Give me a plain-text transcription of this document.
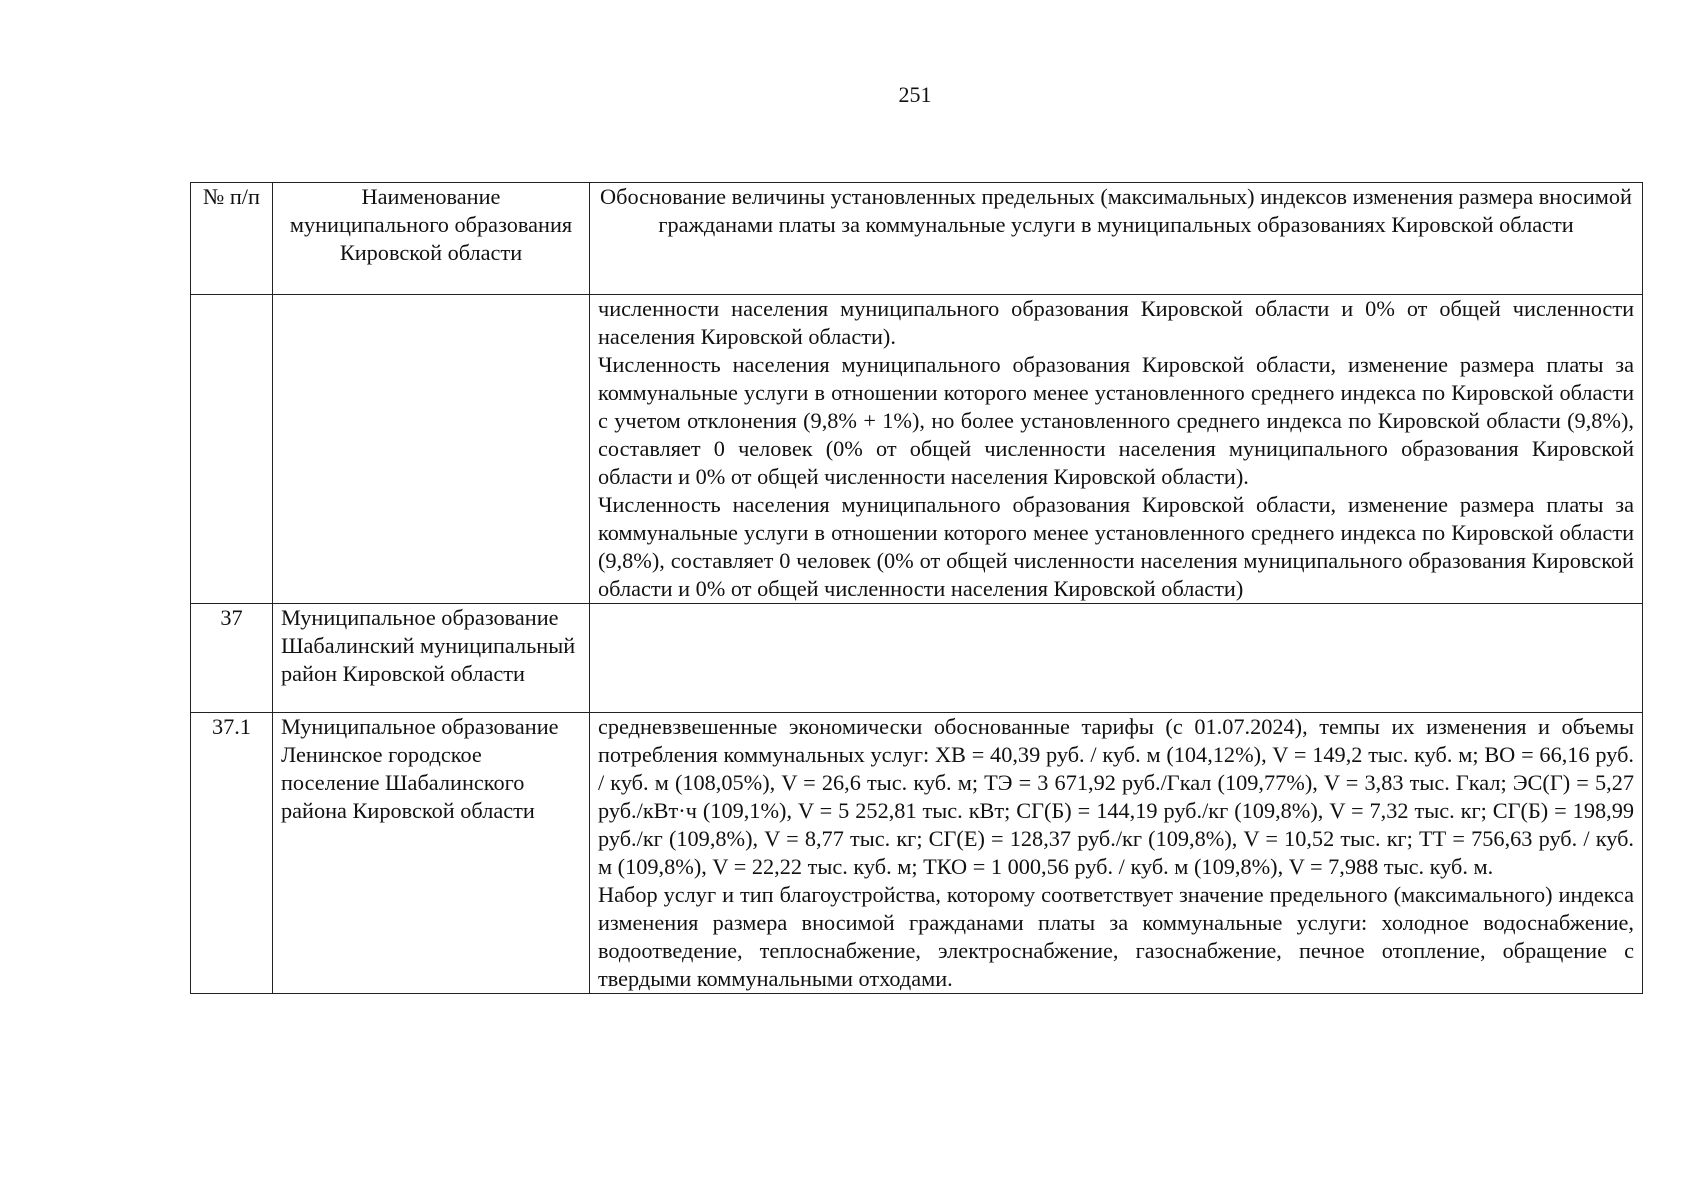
251
№ п/п	Наименование муниципального образования Кировской области	Обоснование величины установленных предельных (максимальных) индексов изменения размера вносимой гражданами платы за коммунальные услуги в муниципальных образованиях Кировской области

		численности населения муниципального образования Кировской области и 0% от общей численности населения Кировской области).
Численность населения муниципального образования Кировской области, изменение размера платы за коммунальные услуги в отношении которого менее установленного среднего индекса по Кировской области с учетом отклонения (9,8% + 1%), но более установленного среднего индекса по Кировской области (9,8%), составляет 0 человек (0% от общей численности населения муниципального образования Кировской области и 0% от общей численности населения Кировской области).
Численность населения муниципального образования Кировской области, изменение размера платы за коммунальные услуги в отношении которого менее установленного среднего индекса по Кировской области (9,8%), составляет 0 человек (0% от общей численности населения муниципального образования Кировской области и 0% от общей численности населения Кировской области)

37	Муниципальное образование Шабалинский муниципальный район Кировской области	
37.1	Муниципальное образование Ленинское городское поселение Шабалинского района Кировской области	средневзвешенные экономически обоснованные тарифы (с 01.07.2024), темпы их изменения и объемы потребления коммунальных услуг: ХВ = 40,39 руб. / куб. м (104,12%), V = 149,2 тыс. куб. м; ВО = 66,16 руб. / куб. м (108,05%), V = 26,6 тыс. куб. м; ТЭ = 3 671,92 руб./Гкал (109,77%), V = 3,83 тыс. Гкал; ЭС(Г) = 5,27 руб./кВт·ч (109,1%), V = 5 252,81 тыс. кВт; СГ(Б) = 144,19 руб./кг (109,8%), V = 7,32 тыс. кг; СГ(Б) = 198,99 руб./кг (109,8%), V = 8,77 тыс. кг; СГ(Е) = 128,37 руб./кг (109,8%), V = 10,52 тыс. кг; ТТ = 756,63 руб. / куб. м (109,8%), V = 22,22 тыс. куб. м; ТКО = 1 000,56 руб. / куб. м (109,8%), V = 7,988 тыс. куб. м.
Набор услуг и тип благоустройства, которому соответствует значение предельного (максимального) индекса изменения размера вносимой гражданами платы за коммунальные услуги: холодное водоснабжение, водоотведение, теплоснабжение, электроснабжение, газоснабжение, печное отопление, обращение с твердыми коммунальными отходами.
